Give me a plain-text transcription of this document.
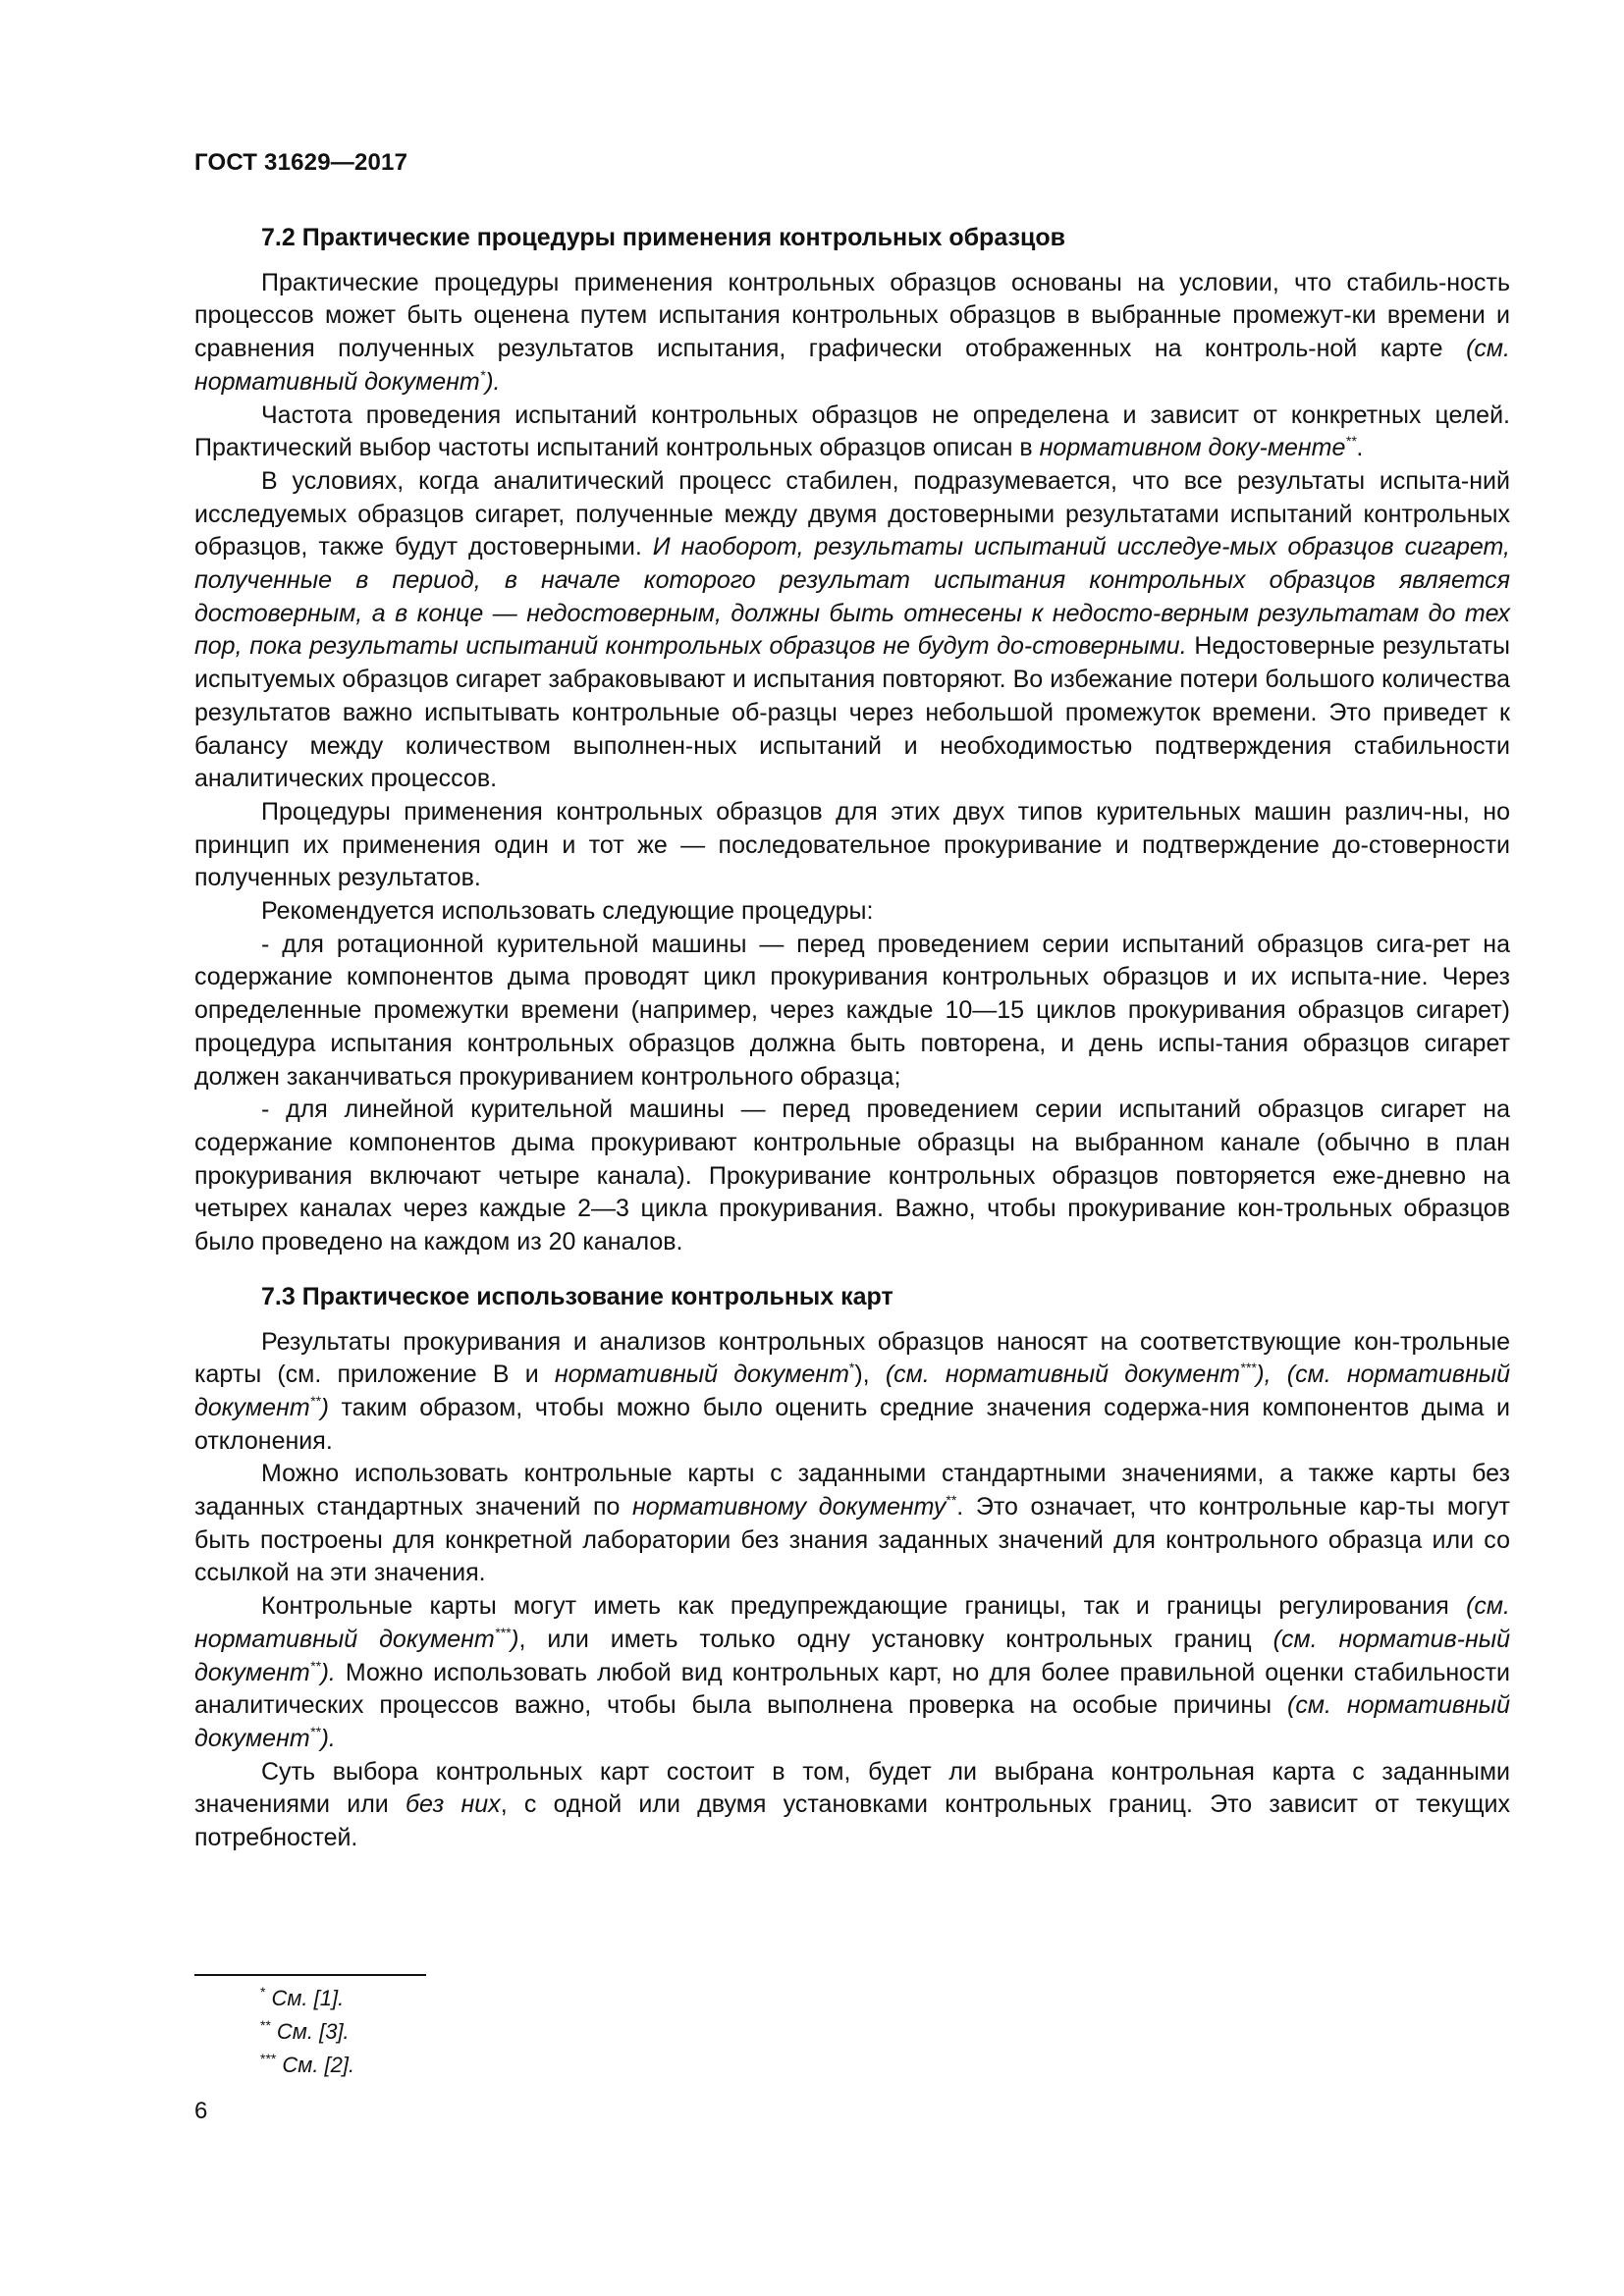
ГОСТ 31629—2017
7.2 Практические процедуры применения контрольных образцов

Практические процедуры применения контрольных образцов основаны на условии, что стабиль-ность процессов может быть оценена путем испытания контрольных образцов в выбранные промежут-ки времени и сравнения полученных результатов испытания, графически отображенных на контроль-ной карте (см. нормативный документ*).

Частота проведения испытаний контрольных образцов не определена и зависит от конкретных целей. Практический выбор частоты испытаний контрольных образцов описан в нормативном доку-менте**.

В условиях, когда аналитический процесс стабилен, подразумевается, что все результаты испыта-ний исследуемых образцов сигарет, полученные между двумя достоверными результатами испытаний контрольных образцов, также будут достоверными. И наоборот, результаты испытаний исследуе-мых образцов сигарет, полученные в период, в начале которого результат испытания контрольных образцов является достоверным, а в конце — недостоверным, должны быть отнесены к недосто-верным результатам до тех пор, пока результаты испытаний контрольных образцов не будут до-стоверными. Недостоверные результаты испытуемых образцов сигарет забраковывают и испытания повторяют. Во избежание потери большого количества результатов важно испытывать контрольные об-разцы через небольшой промежуток времени. Это приведет к балансу между количеством выполнен-ных испытаний и необходимостью подтверждения стабильности аналитических процессов.

Процедуры применения контрольных образцов для этих двух типов курительных машин различ-ны, но принцип их применения один и тот же — последовательное прокуривание и подтверждение до-стоверности полученных результатов.

Рекомендуется использовать следующие процедуры:

- для ротационной курительной машины — перед проведением серии испытаний образцов сига-рет на содержание компонентов дыма проводят цикл прокуривания контрольных образцов и их испыта-ние. Через определенные промежутки времени (например, через каждые 10—15 циклов прокуривания образцов сигарет) процедура испытания контрольных образцов должна быть повторена, и день испы-тания образцов сигарет должен заканчиваться прокуриванием контрольного образца;

- для линейной курительной машины — перед проведением серии испытаний образцов сигарет на содержание компонентов дыма прокуривают контрольные образцы на выбранном канале (обычно в план прокуривания включают четыре канала). Прокуривание контрольных образцов повторяется еже-дневно на четырех каналах через каждые 2—3 цикла прокуривания. Важно, чтобы прокуривание кон-трольных образцов было проведено на каждом из 20 каналов.

7.3 Практическое использование контрольных карт

Результаты прокуривания и анализов контрольных образцов наносят на соответствующие кон-трольные карты (см. приложение В и нормативный документ*), (см. нормативный документ***), (см. нормативный документ**) таким образом, чтобы можно было оценить средние значения содержа-ния компонентов дыма и отклонения.

Можно использовать контрольные карты с заданными стандартными значениями, а также карты без заданных стандартных значений по нормативному документу**. Это означает, что контрольные кар-ты могут быть построены для конкретной лаборатории без знания заданных значений для контрольного образца или со ссылкой на эти значения.

Контрольные карты могут иметь как предупреждающие границы, так и границы регулирования (см. нормативный документ***), или иметь только одну установку контрольных границ (см. норматив-ный документ**). Можно использовать любой вид контрольных карт, но для более правильной оценки стабильности аналитических процессов важно, чтобы была выполнена проверка на особые причины (см. нормативный документ**).

Суть выбора контрольных карт состоит в том, будет ли выбрана контрольная карта с заданными значениями или без них, с одной или двумя установками контрольных границ. Это зависит от текущих потребностей.

* См. [1].
** См. [3].
*** См. [2].
6
